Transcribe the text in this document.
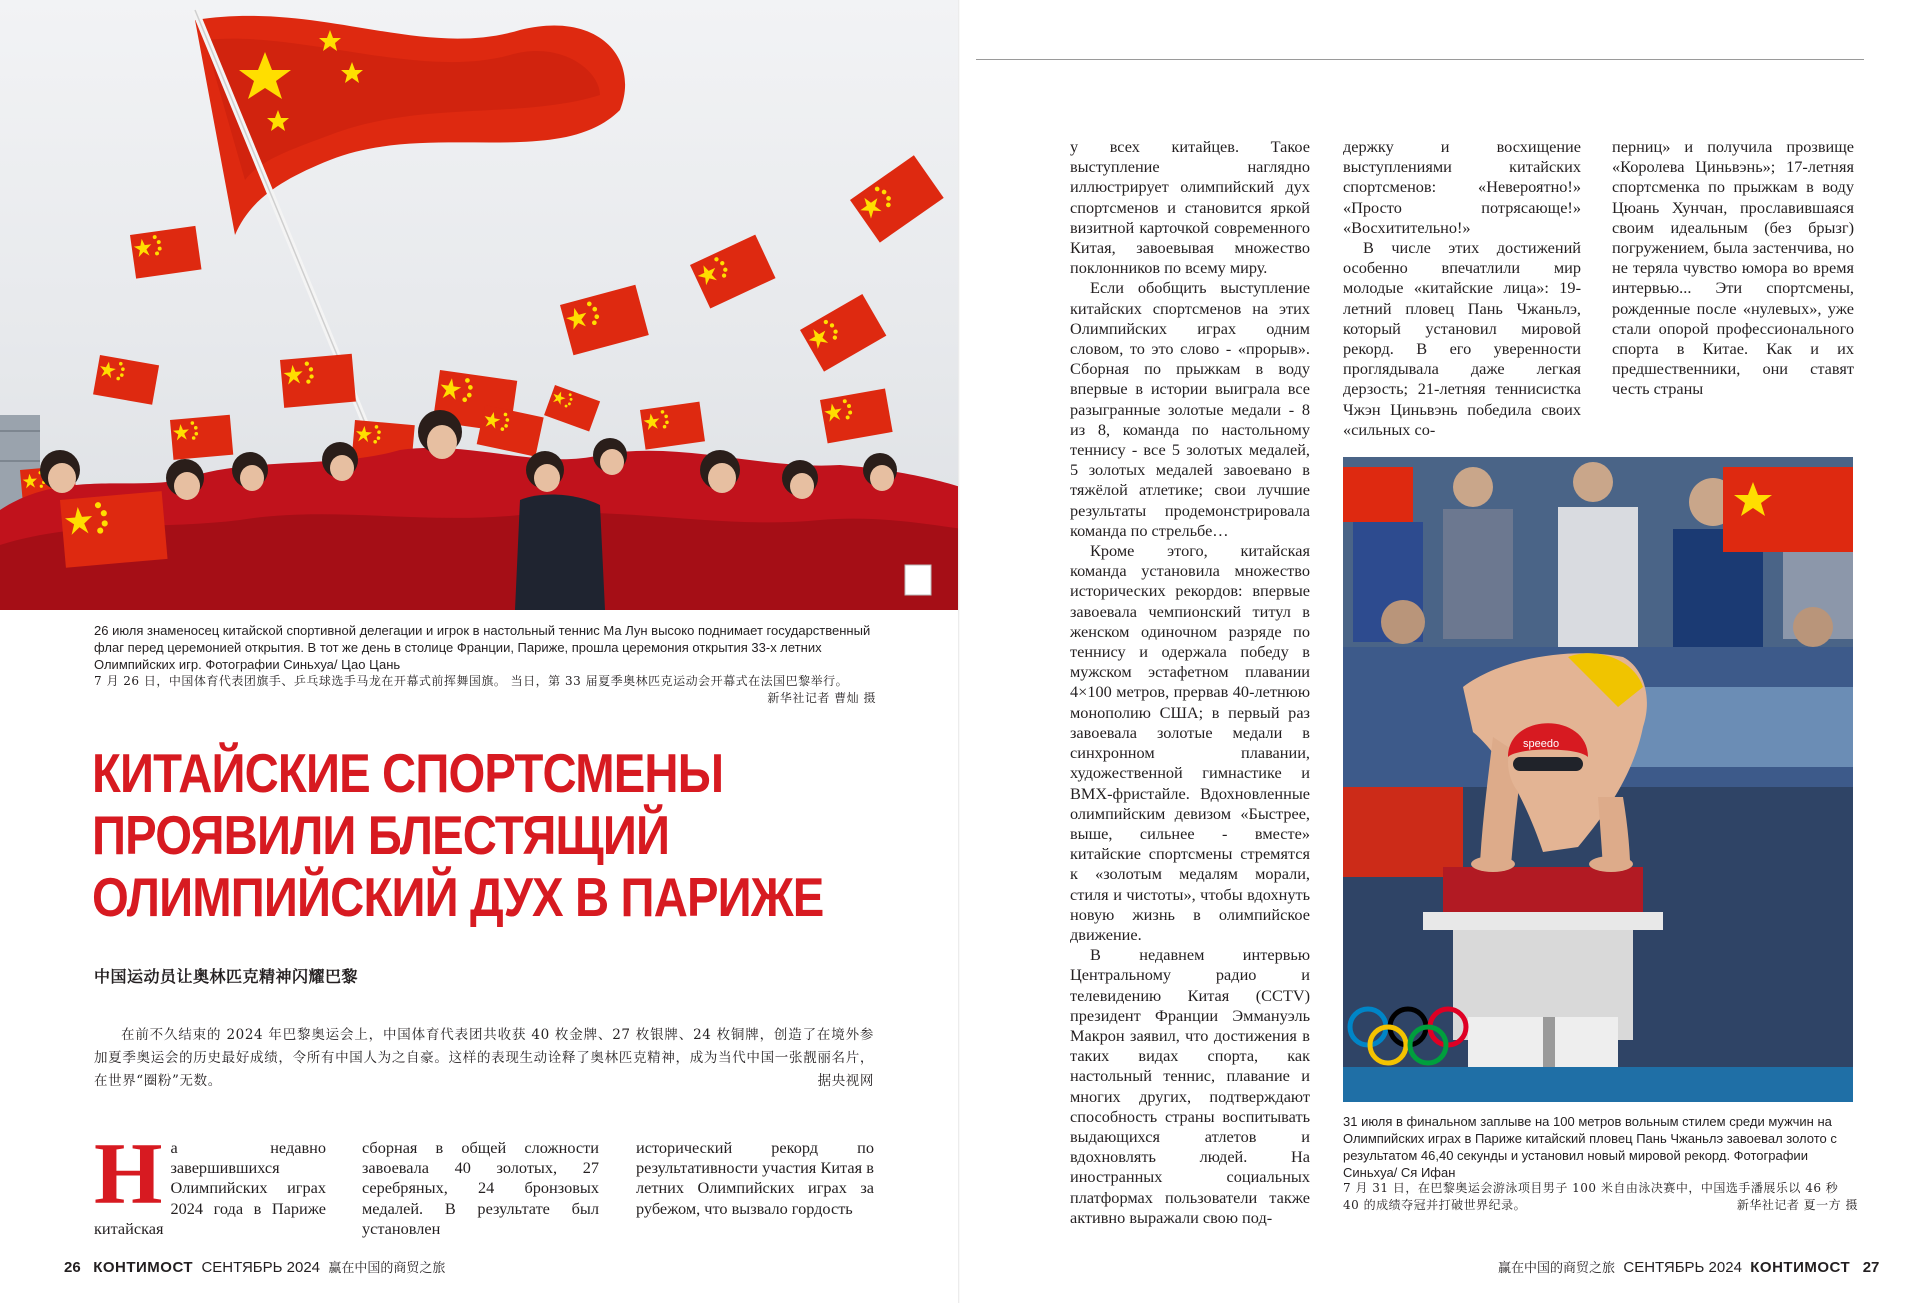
26 июля знаменосец китайской спортивной делегации и игрок в настольный теннис Ма Лун высоко поднимает государственный флаг перед церемонией открытия. В тот же день в столице Франции, Париже, прошла церемония открытия 33-х летних Олимпийских игр. Фотографии Синьхуа/ Цао Цань
7 月 26 日，中国体育代表团旗手、乒乓球选手马龙在开幕式前挥舞国旗。 当日，第 33 届夏季奥林匹克运动会开幕式在法国巴黎举行。
新华社记者 曹灿 摄
КИТАЙСКИЕ СПОРТСМЕНЫ
ПРОЯВИЛИ БЛЕСТЯЩИЙ
ОЛИМПИЙСКИЙ ДУХ В ПАРИЖЕ
中国运动员让奥林匹克精神闪耀巴黎
在前不久结束的 2024 年巴黎奥运会上，中国体育代表团共收获 40 枚金牌、27 枚银牌、24 枚铜牌，创造了在境外参加夏季奥运会的历史最好成绩，令所有中国人为之自豪。这样的表现生动诠释了奥林匹克精神，成为当代中国一张靓丽名片，在世界“圈粉”无数。	据央视网
Н а недавно завершившихся Олимпийских играх 2024 года в Париже китайская

сборная в общей сложности завоевала 40 золотых, 27 серебряных, 24 бронзовых медалей. В результате был установлен

исторический рекорд по результативности участия Китая в летних Олимпийских играх за рубежом, что вызвало гордость

26 КОНТИМОСТ СЕНТЯБРЬ 2024 赢在中国的商贸之旅

у всех китайцев. Такое выступление наглядно иллюстрирует олимпийский дух спортсменов и становится яркой визитной карточкой современного Китая, завоевывая множество поклонников по всему миру.

Если обобщить выступление китайских спортсменов на этих Олимпийских играх одним словом, то это слово - «прорыв». Сборная по прыжкам в воду впервые в истории выиграла все разыгранные золотые медали - 8 из 8, команда по настольному теннису - все 5 золотых медалей, 5 золотых медалей завоевано в тяжёлой атлетике; свои лучшие результаты продемонстрировала команда по стрельбе…

Кроме этого, китайская команда установила множество исторических рекордов: впервые завоевала чемпионский титул в женском одиночном разряде по теннису и одержала победу в мужском эстафетном плавании 4×100 метров, прервав 40-летнюю монополию США; в первый раз завоевала золотые медали в синхронном плавании, художественной гимнастике и BMX-фристайле. Вдохновленные олимпийским девизом «Быстрее, выше, сильнее - вместе» китайские спортсмены стремятся к «золотым медалям морали, стиля и чистоты», чтобы вдохнуть новую жизнь в олимпийское движение.

В недавнем интервью Центральному радио и телевидению Китая (CCTV) президент Франции Эммануэль Макрон заявил, что достижения в таких видах спорта, как настольный теннис, плавание и многих других, подтверждают способность страны воспитывать выдающихся атлетов и вдохновлять людей. На иностранных социальных платформах пользователи также активно выражали свою под-

держку и восхищение выступлениями китайских спортсменов: «Невероятно!» «Просто потрясающе!» «Восхитительно!»

В числе этих достижений особенно впечатлили мир молодые «китайские лица»: 19-летний пловец Пань Чжаньлэ, который установил мировой рекорд. В его уверенности проглядывала даже легкая дерзость; 21-летняя теннисистка Чжэн Циньвэнь победила своих «сильных со-

перниц» и получила прозвище «Королева Циньвэнь»; 17-летняя спортсменка по прыжкам в воду Цюань Хунчан, прославившаяся своим идеальным (без брызг) погружением, была застенчива, но не теряла чувство юмора во время интервью... Эти спортсмены, рожденные после «нулевых», уже стали опорой профессионального спорта в Китае. Как и их предшественники, они ставят честь страны

speedo
31 июля в финальном заплыве на 100 метров вольным стилем среди мужчин на Олимпийских играх в Париже китайский пловец Пань Чжаньлэ завоевал золото с результатом 46,40 секунды и установил новый мировой рекорд. Фотографии Синьхуа/ Ся Ифан
7 月 31 日，在巴黎奥运会游泳项目男子 100 米自由泳决赛中，中国选手潘展乐以 46 秒 40 的成绩夺冠并打破世界纪录。	新华社记者 夏一方 摄
赢在中国的商贸之旅 СЕНТЯБРЬ 2024 КОНТИМОСТ 27
